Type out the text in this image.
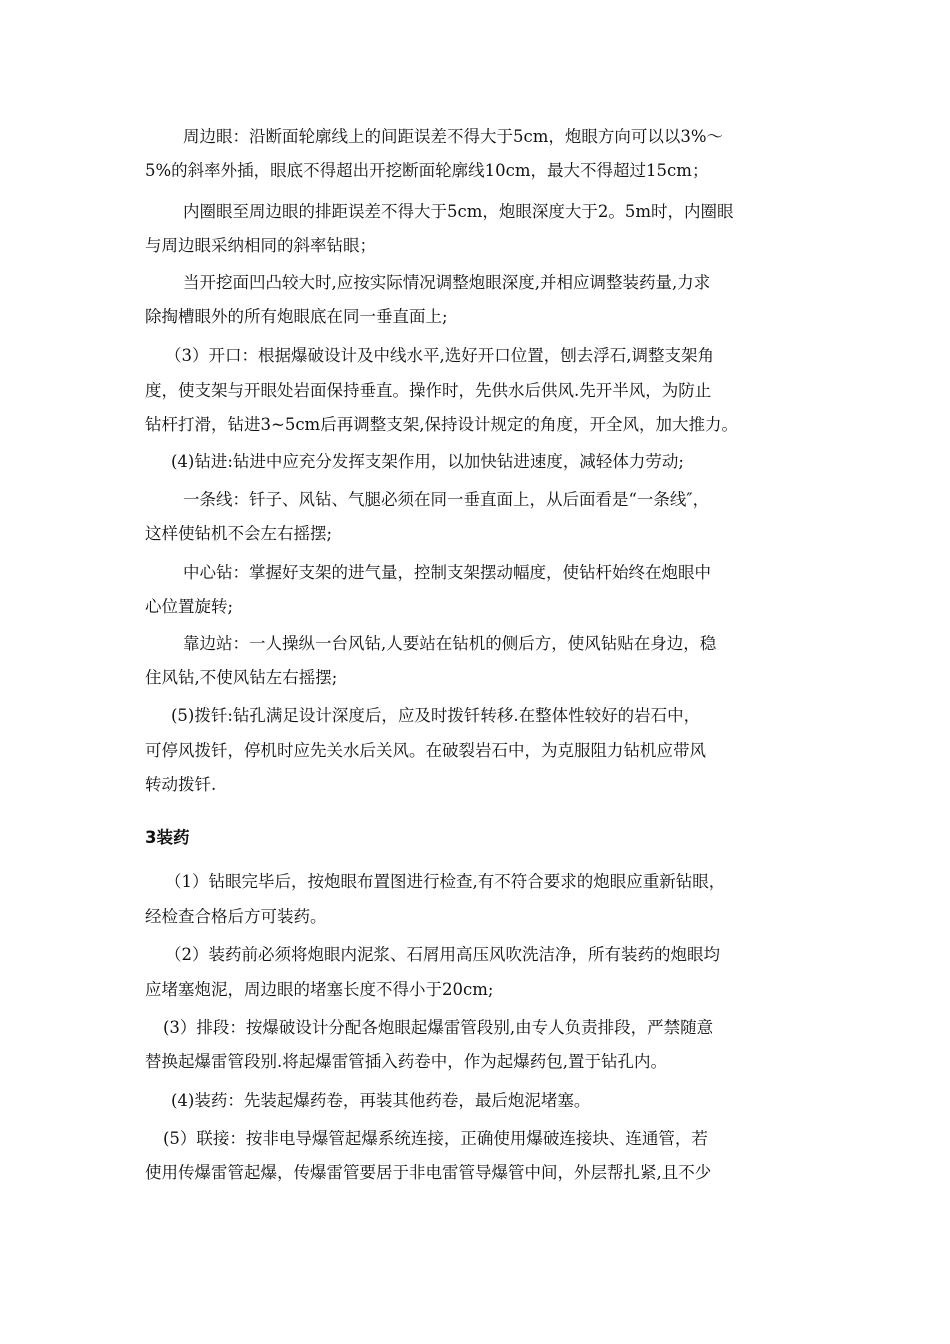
周边眼：沿断面轮廓线上的间距误差不得大于5cm，炮眼方向可以以3%～
5%的斜率外插，眼底不得超出开挖断面轮廓线10cm，最大不得超过15cm；
内圈眼至周边眼的排距误差不得大于5cm，炮眼深度大于2。5m时，内圈眼
与周边眼采纳相同的斜率钻眼；
当开挖面凹凸较大时,应按实际情况调整炮眼深度,并相应调整装药量,力求
除掏槽眼外的所有炮眼底在同一垂直面上;
（3）开口：根据爆破设计及中线水平,选好开口位置，刨去浮石,调整支架角
度，使支架与开眼处岩面保持垂直。操作时，先供水后供风.先开半风，为防止
钻杆打滑，钻进3~5cm后再调整支架,保持设计规定的角度，开全风，加大推力。
(4)钻进:钻进中应充分发挥支架作用，以加快钻进速度，减轻体力劳动;
一条线：钎子、风钻、气腿必须在同一垂直面上，从后面看是“一条线″，
这样使钻机不会左右摇摆;
中心钻：掌握好支架的进气量，控制支架摆动幅度，使钻杆始终在炮眼中
心位置旋转;
靠边站：一人操纵一台风钻,人要站在钻机的侧后方，使风钻贴在身边，稳
住风钻,不使风钻左右摇摆;
(5)拨钎:钻孔满足设计深度后，应及时拨钎转移.在整体性较好的岩石中，
可停风拨钎，停机时应先关水后关风。在破裂岩石中，为克服阻力钻机应带风
转动拨钎.
3装药
（1）钻眼完毕后，按炮眼布置图进行检查,有不符合要求的炮眼应重新钻眼，
经检查合格后方可装药。
（2）装药前必须将炮眼内泥浆、石屑用高压风吹洗洁净，所有装药的炮眼均
应堵塞炮泥，周边眼的堵塞长度不得小于20cm;
(3）排段：按爆破设计分配各炮眼起爆雷管段别,由专人负责排段，严禁随意
替换起爆雷管段别.将起爆雷管插入药卷中，作为起爆药包,置于钻孔内。
(4)装药：先装起爆药卷，再装其他药卷，最后炮泥堵塞。
(5）联接：按非电导爆管起爆系统连接，正确使用爆破连接块、连通管，若
使用传爆雷管起爆，传爆雷管要居于非电雷管导爆管中间，外层帮扎紧,且不少
